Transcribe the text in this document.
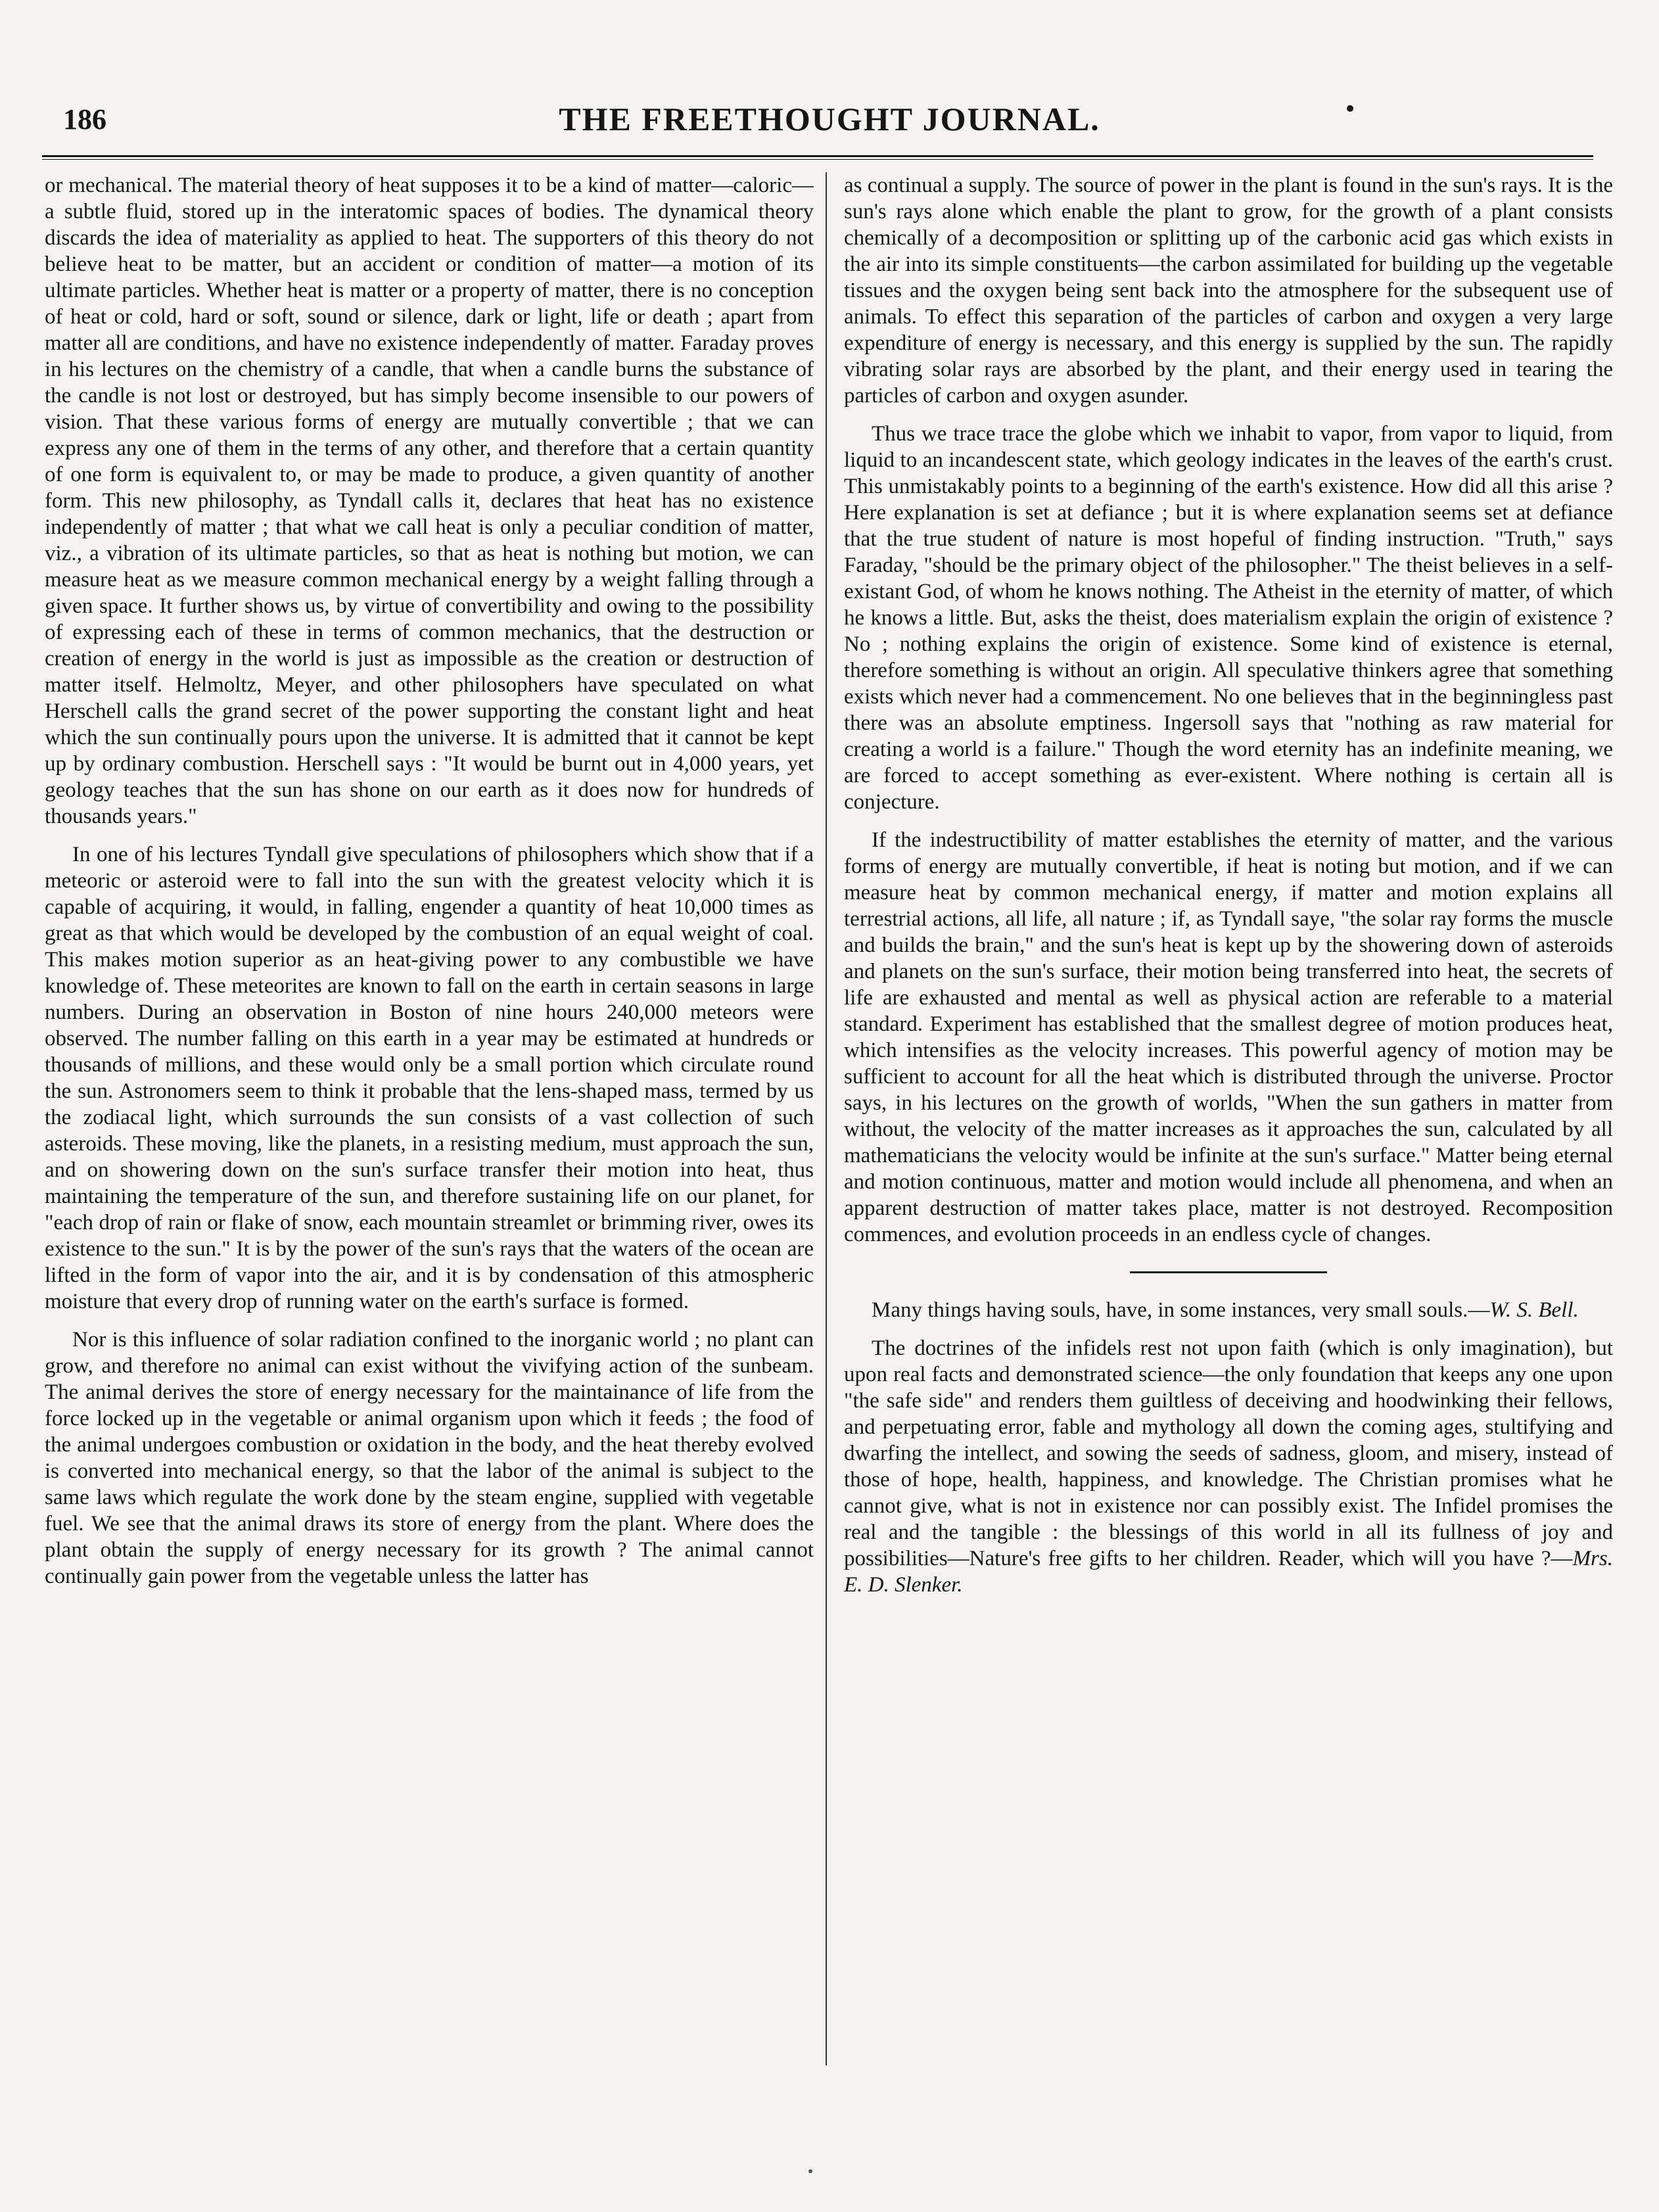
186	THE FREETHOUGHT JOURNAL.

or mechanical. The material theory of heat supposes it to be a kind of matter—caloric—a subtle fluid, stored up in the interatomic spaces of bodies. The dynamical theory discards the idea of materiality as applied to heat. The supporters of this theory do not believe heat to be matter, but an accident or condition of matter—a motion of its ultimate particles. Whether heat is matter or a property of matter, there is no conception of heat or cold, hard or soft, sound or silence, dark or light, life or death ; apart from matter all are conditions, and have no existence independently of matter. Faraday proves in his lectures on the chemistry of a candle, that when a candle burns the substance of the candle is not lost or destroyed, but has simply become insensible to our powers of vision. That these various forms of energy are mutually convertible ; that we can express any one of them in the terms of any other, and therefore that a certain quantity of one form is equivalent to, or may be made to produce, a given quantity of another form. This new philosophy, as Tyndall calls it, declares that heat has no existence independently of matter ; that what we call heat is only a peculiar condition of matter, viz., a vibration of its ultimate particles, so that as heat is nothing but motion, we can measure heat as we measure common mechanical energy by a weight falling through a given space. It further shows us, by virtue of convertibility and owing to the possibility of expressing each of these in terms of common mechanics, that the destruction or creation of energy in the world is just as impossible as the creation or destruction of matter itself. Helmoltz, Meyer, and other philosophers have speculated on what Herschell calls the grand secret of the power supporting the constant light and heat which the sun continually pours upon the universe. It is admitted that it cannot be kept up by ordinary combustion. Herschell says : "It would be burnt out in 4,000 years, yet geology teaches that the sun has shone on our earth as it does now for hundreds of thousands years."

In one of his lectures Tyndall give speculations of philosophers which show that if a meteoric or asteroid were to fall into the sun with the greatest velocity which it is capable of acquiring, it would, in falling, engender a quantity of heat 10,000 times as great as that which would be developed by the combustion of an equal weight of coal. This makes motion superior as an heat-giving power to any combustible we have knowledge of. These meteorites are known to fall on the earth in certain seasons in large numbers. During an observation in Boston of nine hours 240,000 meteors were observed. The number falling on this earth in a year may be estimated at hundreds or thousands of millions, and these would only be a small portion which circulate round the sun. Astronomers seem to think it probable that the lens-shaped mass, termed by us the zodiacal light, which surrounds the sun consists of a vast collection of such asteroids. These moving, like the planets, in a resisting medium, must approach the sun, and on showering down on the sun's surface transfer their motion into heat, thus maintaining the temperature of the sun, and therefore sustaining life on our planet, for "each drop of rain or flake of snow, each mountain streamlet or brimming river, owes its existence to the sun." It is by the power of the sun's rays that the waters of the ocean are lifted in the form of vapor into the air, and it is by condensation of this atmospheric moisture that every drop of running water on the earth's surface is formed.

Nor is this influence of solar radiation confined to the inorganic world ; no plant can grow, and therefore no animal can exist without the vivifying action of the sunbeam. The animal derives the store of energy necessary for the maintainance of life from the force locked up in the vegetable or animal organism upon which it feeds ; the food of the animal undergoes combustion or oxidation in the body, and the heat thereby evolved is converted into mechanical energy, so that the labor of the animal is subject to the same laws which regulate the work done by the steam engine, supplied with vegetable fuel. We see that the animal draws its store of energy from the plant. Where does the plant obtain the supply of energy necessary for its growth ? The animal cannot continually gain power from the vegetable unless the latter has

as continual a supply. The source of power in the plant is found in the sun's rays. It is the sun's rays alone which enable the plant to grow, for the growth of a plant consists chemically of a decomposition or splitting up of the carbonic acid gas which exists in the air into its simple constituents—the carbon assimilated for building up the vegetable tissues and the oxygen being sent back into the atmosphere for the subsequent use of animals. To effect this separation of the particles of carbon and oxygen a very large expenditure of energy is necessary, and this energy is supplied by the sun. The rapidly vibrating solar rays are absorbed by the plant, and their energy used in tearing the particles of carbon and oxygen asunder.

Thus we trace trace the globe which we inhabit to vapor, from vapor to liquid, from liquid to an incandescent state, which geology indicates in the leaves of the earth's crust. This unmistakably points to a beginning of the earth's existence. How did all this arise ? Here explanation is set at defiance ; but it is where explanation seems set at defiance that the true student of nature is most hopeful of finding instruction. "Truth," says Faraday, "should be the primary object of the philosopher." The theist believes in a self-existant God, of whom he knows nothing. The Atheist in the eternity of matter, of which he knows a little. But, asks the theist, does materialism explain the origin of existence ? No ; nothing explains the origin of existence. Some kind of existence is eternal, therefore something is without an origin. All speculative thinkers agree that something exists which never had a commencement. No one believes that in the beginningless past there was an absolute emptiness. Ingersoll says that "nothing as raw material for creating a world is a failure." Though the word eternity has an indefinite meaning, we are forced to accept something as ever-existent. Where nothing is certain all is conjecture.

If the indestructibility of matter establishes the eternity of matter, and the various forms of energy are mutually convertible, if heat is noting but motion, and if we can measure heat by common mechanical energy, if matter and motion explains all terrestrial actions, all life, all nature ; if, as Tyndall saye, "the solar ray forms the muscle and builds the brain," and the sun's heat is kept up by the showering down of asteroids and planets on the sun's surface, their motion being transferred into heat, the secrets of life are exhausted and mental as well as physical action are referable to a material standard. Experiment has established that the smallest degree of motion produces heat, which intensifies as the velocity increases. This powerful agency of motion may be sufficient to account for all the heat which is distributed through the universe. Proctor says, in his lectures on the growth of worlds, "When the sun gathers in matter from without, the velocity of the matter increases as it approaches the sun, calculated by all mathematicians the velocity would be infinite at the sun's surface." Matter being eternal and motion continuous, matter and motion would include all phenomena, and when an apparent destruction of matter takes place, matter is not destroyed. Recomposition commences, and evolution proceeds in an endless cycle of changes.

Many things having souls, have, in some instances, very small souls.—W. S. Bell.

The doctrines of the infidels rest not upon faith (which is only imagination), but upon real facts and demonstrated science—the only foundation that keeps any one upon "the safe side" and renders them guiltless of deceiving and hoodwinking their fellows, and perpetuating error, fable and mythology all down the coming ages, stultifying and dwarfing the intellect, and sowing the seeds of sadness, gloom, and misery, instead of those of hope, health, happiness, and knowledge. The Christian promises what he cannot give, what is not in existence nor can possibly exist. The Infidel promises the real and the tangible : the blessings of this world in all its fullness of joy and possibilities—Nature's free gifts to her children. Reader, which will you have ?—Mrs. E. D. Slenker.
